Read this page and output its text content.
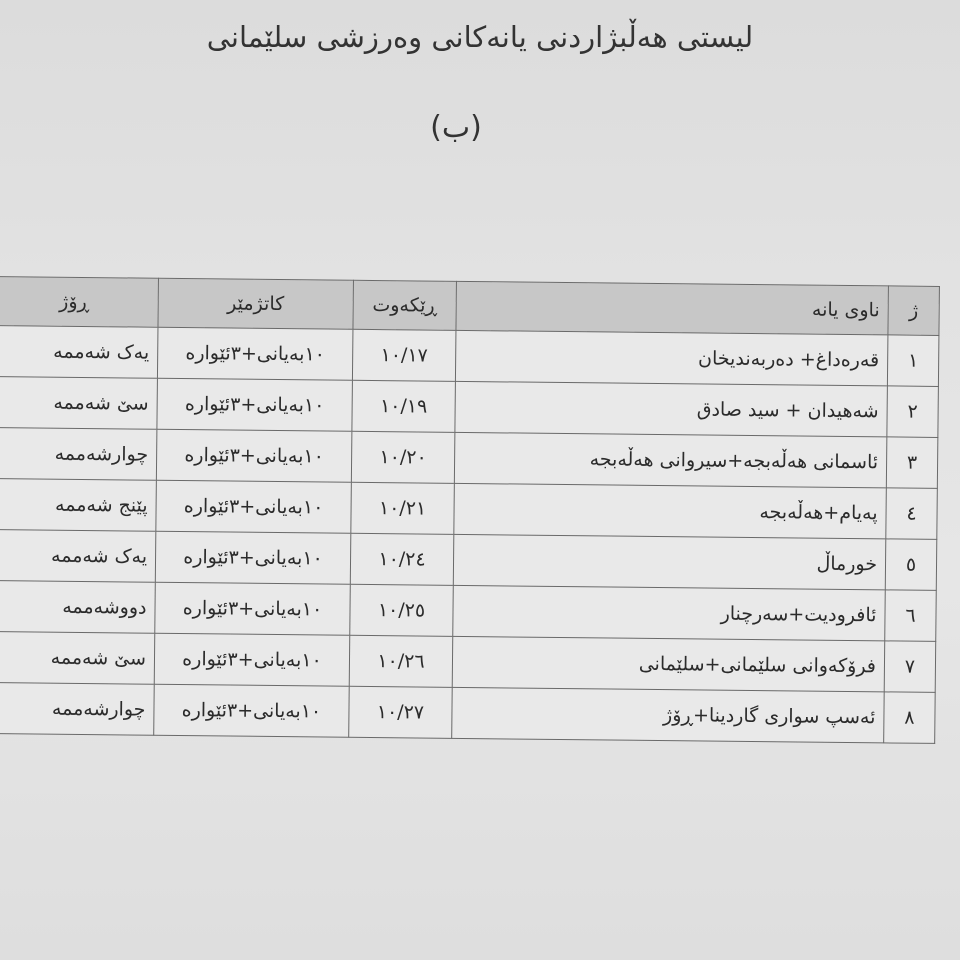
لیستی هەڵبژاردنی یانەکانی وەرزشی سلێمانی
(ب)
ژ	ناوی یانە	ڕێکەوت	کاتژمێر	ڕۆژ
١	قەرەداغ+ دەربەندیخان	١٠/١٧	١٠بەیانی+٣ئێوارە	یەک شەممە
٢	شەهیدان + سید صادق	١٠/١٩	١٠بەیانی+٣ئێوارە	سێ شەممە
٣	ئاسمانی هەڵەبجە+سیروانی هەڵەبجە	١٠/٢٠	١٠بەیانی+٣ئێوارە	چوارشەممە
٤	پەیام+هەڵەبجە	١٠/٢١	١٠بەیانی+٣ئێوارە	پێنج شەممە
٥	خورماڵ	١٠/٢٤	١٠بەیانی+٣ئێوارە	یەک شەممە
٦	ئافرودیت+سەرچنار	١٠/٢٥	١٠بەیانی+٣ئێوارە	دووشەممە
٧	فرۆکەوانی سلێمانی+سلێمانی	١٠/٢٦	١٠بەیانی+٣ئێوارە	سێ شەممە
٨	ئەسپ سواری گاردینا+ڕۆژ	١٠/٢٧	١٠بەیانی+٣ئێوارە	چوارشەممە
